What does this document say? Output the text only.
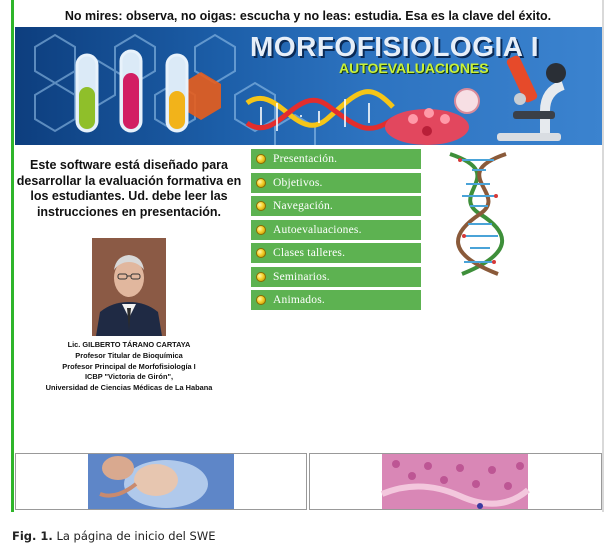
No mires: observa, no oigas: escucha y no leas: estudia. Esa es la clave del éxito.
MORFOFISIOLOGIA I
AUTOEVALUACIONES
Este software está diseñado para desarrollar la evaluación formativa en los estudiantes. Ud. debe leer las instrucciones en presentación.
Lic. GILBERTO TÁRANO CARTAYA
Profesor Titular de Bioquímica
Profesor Principal de Morfofisiología I
ICBP "Victoria de Girón",
Universidad de Ciencias Médicas de La Habana
Presentación.
Objetivos.
Navegación.
Autoevaluaciones.
Clases talleres.
Seminarios.
Animados.
Fig. 1. La página de inicio del SWE
